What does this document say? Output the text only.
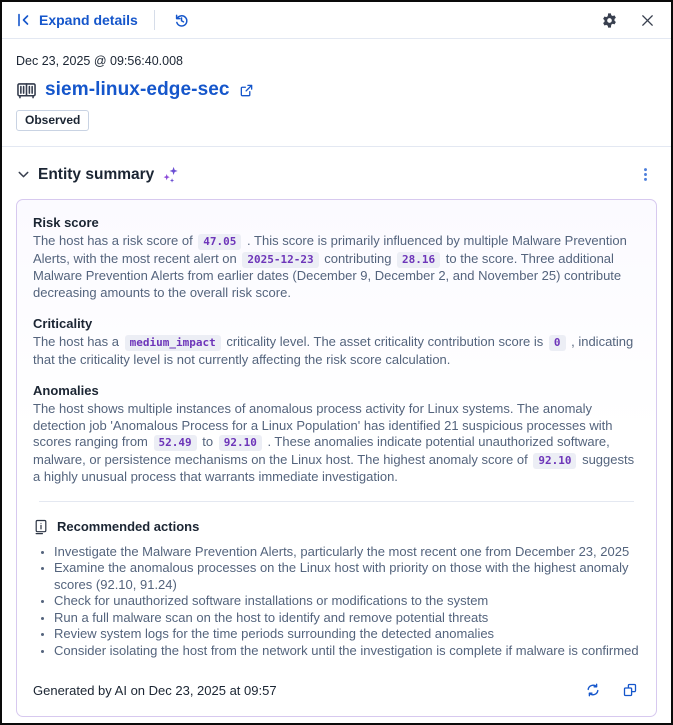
Expand details
Dec 23, 2025 @ 09:56:40.008
siem-linux-edge-sec
Observed
Entity summary
Risk score

The host has a risk score of 47.05 . This score is primarily influenced by multiple Malware Prevention Alerts, with the most recent alert on 2025-12-23 contributing 28.16 to the score. Three additional Malware Prevention Alerts from earlier dates (December 9, December 2, and November 25) contribute decreasing amounts to the overall risk score.

Criticality

The host has a medium_impact criticality level. The asset criticality contribution score is 0 , indicating that the criticality level is not currently affecting the risk score calculation.

Anomalies

The host shows multiple instances of anomalous process activity for Linux systems. The anomaly detection job 'Anomalous Process for a Linux Population' has identified 21 suspicious processes with scores ranging from 52.49 to 92.10 . These anomalies indicate potential unauthorized software, malware, or persistence mechanisms on the Linux host. The highest anomaly score of 92.10 suggests a highly unusual process that warrants immediate investigation.

Recommended actions
• Investigate the Malware Prevention Alerts, particularly the most recent one from December 23, 2025
• Examine the anomalous processes on the Linux host with priority on those with the highest anomaly scores (92.10, 91.24)
• Check for unauthorized software installations or modifications to the system
• Run a full malware scan on the host to identify and remove potential threats
• Review system logs for the time periods surrounding the detected anomalies
• Consider isolating the host from the network until the investigation is complete if malware is confirmed
Generated by AI on Dec 23, 2025 at 09:57
